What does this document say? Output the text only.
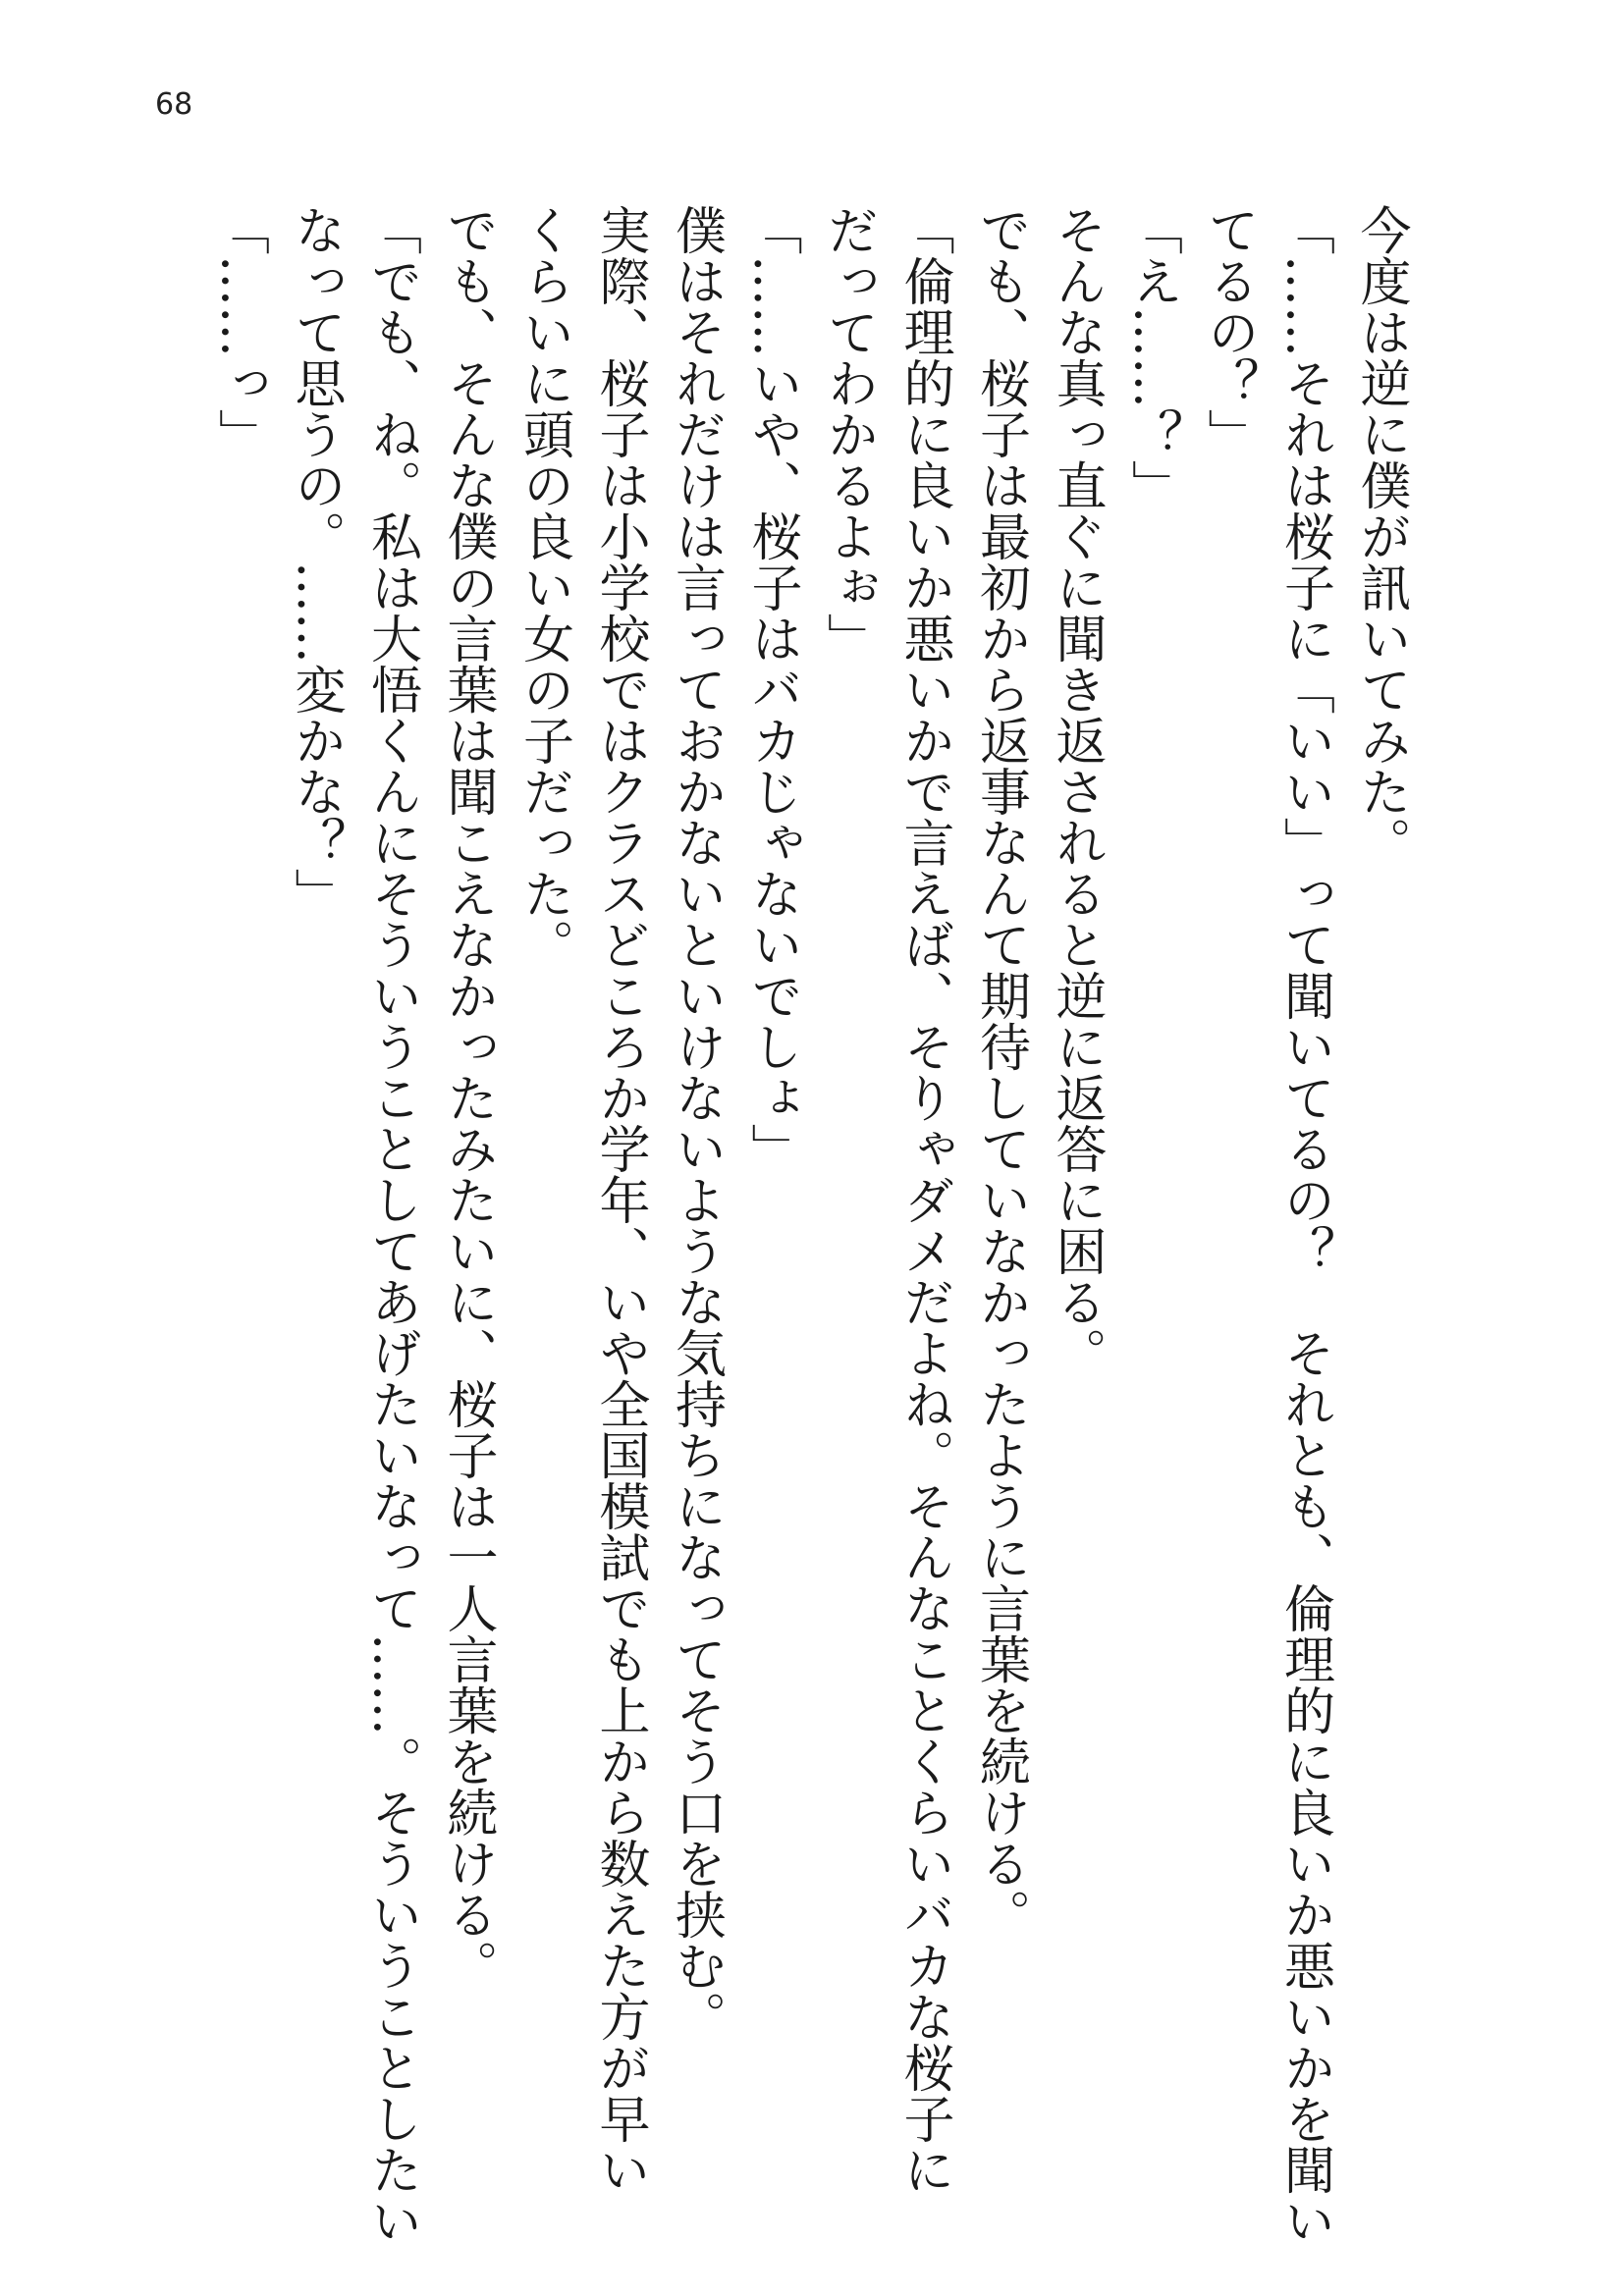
68
今度は逆に僕が訊いてみた。
「……それは桜子に「いい」って聞いてるの？　それとも、倫理的に良いか悪いかを聞い
てるの？」
「え……？」
そんな真っ直ぐに聞き返されると逆に返答に困る。
でも、桜子は最初から返事なんて期待していなかったように言葉を続ける。
「倫理的に良いか悪いかで言えば、そりゃダメだよね。そんなことくらいバカな桜子に
だってわかるよぉ」
「……いや、桜子はバカじゃないでしょ」
僕はそれだけは言っておかないといけないような気持ちになってそう口を挟む。
実際、桜子は小学校ではクラスどころか学年、いや全国模試でも上から数えた方が早い
くらいに頭の良い女の子だった。
でも、そんな僕の言葉は聞こえなかったみたいに、桜子は一人言葉を続ける。
「でも、ね。私は大悟くんにそういうことしてあげたいなって……。そういうことしたい
なって思うの。……変かな？」
「……っ」
